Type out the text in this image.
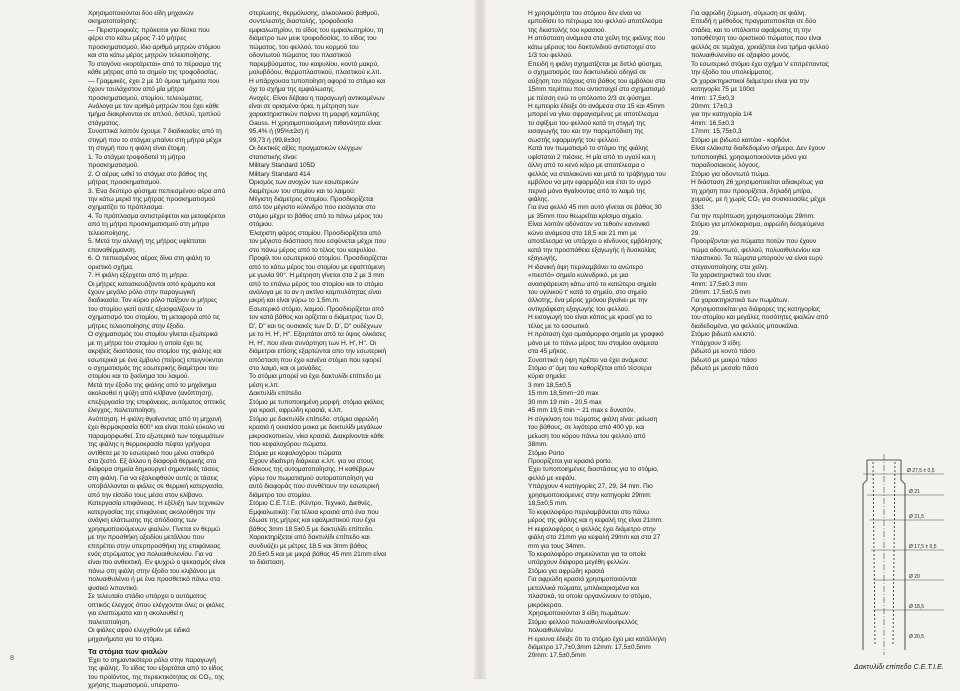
Χρησιμοποιούνται δύο είδη μηχανών σκηματοποίησης:

— Περιστροφικές: πρόκειται για δίσκο που φέρει στο κάτω μέρος 7-10 μήτρες προσκηματισμού, ίδιο αριθμό μητρών στόμιου και στο κάτω μέρος μητρών τελειοποίησης.

Το σταγόνα «κορτάρεται» από το πέρασμα της κάθε μήτρας από το σημείο της τροφοδοσίας.

— Γραμμικές, έχει 2 με 10 όμοια τμήματα που έχουν τουλάχιστον από μία μήτρα προσκηματισμού, στομίου, τελειώματος. Ανάλογα με τον αριθμό μητρών που έχει κάθε τμήμα διακρίνονται σε απλού, διπλού, τριπλού στάγματος.

Συνοπτικά λοιπόν έχουμε 7 διαδικασίες από τη στιγμή που το στάγμα μπαίνει στη μήτρα μέχρι τη στιγμή που η φιάλη είναι έτοιμη.

1. Το στάγμα τροφοδοτεί τη μήτρα προσκηματισμού.

2. Ο αέρας ωθεί το στάγμα στο βάθος της μήτρας προσκηματισμού.

3. Ένα δεύτερο φύσημα πεπιεσμένου αέρα από την κάτω μεριά της μήτρας προσκηματισμού σχηματίζει το πρόπλασμα.

4. Το πρόπλασμα αντιστρέφεται και μεταφέρεται από τη μήτρα προσκηματισμού στη μήτρα τελειοποίησης.

5. Μετά την αλλαγή της μήτρας υφίσταται επαναθέρμανση.

6. Ο πεπιεσμένος αέρας δίνει στη φιάλη το οριστικό σχήμα.

7. Η φιάλη εξέρχεται από τη μήτρα.

Οι μήτρες κατασκευάζονται από κράματα και έχουν μεγάλο ρόλο στην παραγωγική διαδικασία. Τον κύριο ρόλο παίζουν οι μήτρες του στομίου γιατί αυτές εξασφαλίζουν το σχηματισμό του στομίου, τη μεταφορά από τις μήτρες τελειοποίησης στην έξοδο.

Ο σχηματισμός του στομίου γίνεται εξωτερικά με τη μήτρα του στομίου η οποία έχει τις ακριβείς διαστάσεις του στομίου της φιάλης και εσωτερικά με ένα έμβολο (πείρος) επειγνύκνται ο σχηματισμός της εσωτερικής διαμέτρου του στομίου και το ξεκίνημα του λαιμού.

Μετά την έξοδο της φιάλης από το μηχάνημα ακολουθεί η ψύξη από κλίβανο (ανόπτηση), επεξεργασία της επιφάνειας, αυτόματος οπτικός έλεγχος, παλετοποίηση.

Ανόπτηση. Η φιάλη θγαίνοντας από τη μηχανή έχει θερμοκρασία 600° και είναι πολύ εύκολο να παραμορφωθεί. Στο εξωτερικό των τοιχωμάτων της φιάλης η θερμοκρασία πέφτει γρήγορα αντίθετα με το εσωτερικό που μένει σταθερό στα ζεστό. Εξ άλλου η διαφορά θερμικής στα διάφορα σημεία δημιουργεί σημαντικές τάσεις στη φιάλη. Για να εξαλειφθούν αυτές οι τάσεις υποβάλλονται οι φιάλες σε θερμική κατεργασία, από την είσοδο τους μέσα στον κλίβανο.

Κατεργασία επιφάνειας. Η εξέλιξη των τεχνικών κατεργασίας της επιφάνειας ακολούθησε την ανάγκη ελάττωσης της απόδοσης των χρησιμοποιούμενων φιαλών. Γίνεται εν θερμώ με την προσθήκη οξειδίου μετάλλου που επιτρέπει στην υπερπροσθήκη της επιφάνειας ενός στρώματος για πολυαιθυλενίου. Για να είναι πιο ανθεκτική. Εν ψυχρώ ο ψεκασμός είναι πάνω στη φιάλη στην έξοδο του κλιβάνου με πολυαιθυλένιο ή με ένα προσθετικό πάνω στα φυσικό λιπαντικό.

Σε τελευταίο στάδιο υπάρχει ο αυτόματος οπτικός έλεγχος όπου ελέγχονται όλες οι φιάλες για ελαττώματα και η ακολουθεί η παλετοποίηση.

Οι φιάλες αφού ελεγχθούν με ειδικά μηχανήματα για το στόμιο.

Τα στόμια των φιαλών

Έχει το σημαντικότερο ρόλο στην παραγωγή της φιάλης. Το είδος του εξαρτάται από το είδος του προϊόντος, της περιεκτικότητας σε CO₂, της χρήσης πωματισμού, υπεραπο-

στερίωσης, θερμόλυσης, αλκοολικού βαθμού, συντελεστής διαστολής, τροφοδοσία εμφιαλωτηρίου, το είδος του εμφιαλωτηρίου, τη διάμετρο των μεικ τροφοδοσίας, το είδος του πώματος, του φελλού, του κορμού του οδοντωτού πώματος του πλαστικού παρεμβύσματος, του καψυλίου, κοντό μακρύ, μολυβδόου, θερμοπλαστικού, πλαστικού κ.λπ.

Η υπάρχουσα τυποποίηση αφορά το στόμιο και όχι το σχήμα της εμφιάλωσης.

Ανοχές. Είναι δέβαια η παραγωγή αντικειμένων είναι σε ορισμένα όρια, η μέτρηση των χαρακτηριστικών παίρνει τη μορφή καμπύλης Gauss. Η χρησιμοποιούμενη πιθανότητα είναι:

95,4% ή (95%±2σ) ή

99,73 ή (99,8±3σ)

Οι δεκτικές αξίες πραγματικών ελέγχων στατιστικής είναι:

Military Standard 105D

Military Standard 414

Όρισμός των ανοχών των εσωτερικών διαμέτρων του στομίου και το λαιμού:

Μέγιστη διάμετρος στομίου. Προσδιορίζεται από τον μέγιστο κύλινδρο που εισάγεται στο στόμιο μέχρι το βάθος από το πάνω μέρος του στόμιου.

Έλαχιστη φάρος στομίου. Προσδιορίζεται από τον μέγιστο διάσπαση που εσφύνεται μέχρι που στο πάνω μέρος από το τέλος του καψυλίου.

Προφίλ του εσωτερικού στομίου. Προσδιορίζεται από το κάτω μέρος του στομίου με εφαπτόμενη με γωνία 90°. Η μέτρηση γίνεται στα 2 με 3 mm από το επάνω μέρος του στομίου και το στόμιο ανάλογα με το αν η ακτίνα καμπυλότητας είναι μικρή και είναι γύρω το 1,5m.m.

Εσωτερικό στόμιο, λαιμού. Προσδιορίζεται από τον κατά βάθος και ορίζεται ο διάμετρος των D, D', D'' και τις ουσιακές των D, D', D'' ουδέχνων με το H, H', H''. Εξαρτάται από τα ύψος ολκάσες H, H', που είναι συνάρτηση των H, H', H''. Οι διάμετροι επίσης εξαρτώνται απο την εσωτερική απόσταση που έχει κανένα στόμιο που εφορεί στο λαιμό, και οι μονάδες.

Το στόμια μπορεί να έχει δακτυλίδι επίπεδο με μέση κ.λπ.

Δακτυλίδι επίπεδο

Στόμιο με τυποποιημένη μορφή: στόμια φιάλεις για κρασί, αφρώδη κρασιά, κ.λπ.

Στόμιο με δακτυλίδι επίπεδο: στόμια αφρώδη κρασιά ή ουισκίσο μοικα με δακτυλίδι μεγάλων μικροσκοπικών, νίκα κρασιά. Διακρίνονται κάθε που κεφαλοχόρου πώματα.

Στόμια με κεφαλοχόρου πώματα

Έχουν ιδιαίτερη διάρκεια κ.λπ. για να στους δίσκους της αυτοματοποίησης. Η καθέβρων γύρω του πωματισμού αυτοματοποίηση για αυτό διαφοράς που συνθέτουν την εσωτερική διάμετρο του στομίου.

Στόμιο C.E.T.I.E. (Κέντρο, Τεχνικό, Διεθνές, Εμφιαλωτικό): Για τέλεια κρασιά από ένα που έδωσε της μήτρες και εφαλμιστικού που έχει βάθος 3mm 18.5±0.5 με δακτυλίδι επίπεδο.

Χαρακτηρίζεται από δακτυλίδι επίπεδο και συνδυάζει με μέτρες 18.5 και 3mm βάθος 20.5±0.5 και με μικρά βάθος 45 mm 21mm είναι το διάσταση.

8

Η χρησιμότητα του στόμιου δεν είναι να εμποδίσει το πέτρωμα του φελλού αποτέλεσμα της διαστολής του κρασιού.

Η απόσταση ανάμεσα στα χείλη της φιάλης που κάτω μέρους του δακτυλιδιού αντιστοιχεί στο 1/3 του φελλού.

Επειδή η φιάλη σχηματίζεται με διπλό φύσημα, ο σχηματισμός του δακτυλιδιού οδηγεί σε αύξηση του πάχους στο βάθος του εμβόλου στα 15mm περίπου που αντιστοιχεί στο σχηματισμό με πέσση ενώ το υπόλοιπο 2/3 σε φύσημα.

Η εμπειρία έδειξε ότι ανάμεσα στα 15 και 45mm μπορεί να γίνει σφραγισμένος με αποτέλεσμα το σφίξιμο του φελλού κατά τη στιγμή της εισαγωγής του και την παρεμπόδιση της σωστής εφαρμογής του φελλού.

Κατά τον πωματισμό το στόμιο της φιάλης υφίσταται 2 πιέσεις. Η μία από το υγαλί και η άλλη από το κενό κάρο με αποτέλεσμα ο φελλός να σταλακώνει και μετά το τράβηγμα του εμβόλου να μην εφαρμόζει και έτσι το υγρό περνά μόνο θγαίνοντας από το λαιμό της φιάλης.

Για ένα φελλό 45 mm αυτό γίνεται σε βάθος 30 με 35mm που θεωρείται κρίσιμο σημείο.

Είναι λοιπόν αδύνατον να τεθούν κανονικό κώνο ανάμεσα στα 18,5 και 21 mm με αποτέλεσμα να υπάρχει ο κίνδυνος εμβόλησης κατά την προσπάθεια εξαγωγής ή δυσκολίας εξαγωγής.

Η ιδανική όψη περιλαμβάνει το ανώτερο «πιεστό» σημείο κυλινδρικό, με μια ανασφάρευση κάτω από το κατώτερο σημείο του υγιλικού τ' κατά το σημείο, στο σημείο άλλοτης, ένα μέρος χρόνου βγαίνει με την αντιγράφεση εξαγωγής του φελλού.

Η εισαγωγή του είναι κόπος με κρασί για το τέλος με το εσσωτικό.

Η πρόταση έχει ομοιόμορφο σημείο με γραφικό μόνο με το πάνω μέρος του στομίου ανάμεσα στα 45 μήκος.

Συνοπτικά η όψη πρέπει να έχει ανάμεσα:

Στόμιο σ' όμη του καθορίζεται από τέσσερα κύρια σημεία:

3 mm 18,5±0,5

15 mm 18,5mm−20 max

30 mm 19 min - 20,5 max

45 mm 19,5 min − 21 max ε δυνατόν.

Η σύγκλιση του πώματος φιάλη είναι: μείωση του βάθους, σε λιγότερα από 400 yp. και μείωση του κόρου πάνω του φελλού από 38mm.

Στόμιο Porto

Προορίζεται για κρασιά porto.

Έχει τυποποιημένες διαστάσεις για το στόμιο, φελλό με κεφάλι.

Υπάρχουν 4 κατηγορίες 27, 29, 34 mm. Πιο χρησιμοποιούμενες στην κατηγορία 29mm: 18,5±0,5 mm.

Το κεφαλοφόρο περιλαμβάνεται στο πάνω μέρος της φιάλης και η κεφαλή της είναι 21mm. Η κεφαλοφόρος ο φελλός έχει διάμετρο στην φιάλη στα 21mm για κεφαλή 29mm και στα 27 mm για τους 34mm.

Το κεφαλοφόρο σημειώνεται για τα οποία υπάρχουν διάφορα μεγέθη φελλών.

Στόμιο για αφρώδη κρασιά

Για αφρώδη κρασιά χρησιμοποιούνται μεταλλικά πώματα, μπλόκαρισμένα και πλαστικά, τα οποία οργανώνουν το στόμιο, μικρόκερσο.

Χρησιμοποιούνται 3 είδη πωμάτων:

Στόμιο φελλού πολυαιθυλενίου/φελλός πολυαιθυλενίου

Η ερευνα έδειξε ότι το στόμιο έχει μια κατάλληλη διάμετρο 17,7±0,3mm 12mm: 17,5±0,5mm 20mm: 17,5±0,5mm

Για αφρώδη ζύμωση, σύμωση σε φιάλη.

Επειδή η μέθοδος πραγματοποιείται σε δύο στάδια, και το υπόλοιπο αφαίρεσης τη την τοποθέτηση του οριστικού πώματος που είναι φελλός σε τεμάχια, χρειάζεται ένα τμήμα φελλού πολυαιθυλενίου σε οξαφίσο μονός.

Το εσωτερικό στόμιο έχει σχήμα V επιτρέποντας την έξοδο του υπολείμματος.

Οι χαρακτηριστικοί διάμετροι είναι για την κατηγορία 75 με 100cl

4mm: 17,5±0,3

20mm: 17±0,3

για την κατηγορία 1/4

4mm: 16,5±0,3

17mm: 15,75±0,3

Στόμιο με βιδωτό καπάκι - κορδόνι.

Είναι ελάκιστα διαδεδομένο σήμερα. Δεν έχουν τυποποιηθεί, χρησιμοποιούνται μόνο για παραδοσιακούς λόγους.

Στόμιο για οδοντωτό πώμα.

Η διάσταση 26 χρησιμοποιείται αδιακρίτως για τη χρήση που προορίζεται, δηλαδή μπίρα, χυμούς, με ή χωρίς CO₂ για συσκευασίες μέχρι 33cl.

Για την περίπτωση χρησιμοποιούμε 29mm.

Στόμιο για μπλόκαρισμα, αφρώδη δεσμεύμενα 29.

Προορίζονται για πώματα ποτών που έχουν πώμα οδοντωτό, φελλού, πολυαιθυλενίου και πλαστικού. Τα πώματα μπορούν να είναι ευρύ στεγανοποίησης στα χείλη.

Τα χαρακτηριστικά του είναι:

4mm: 17,5±0,3 mm

20mm: 17,5±0,5 mm

Για χαρακτηριστικά των πωμάτων.

Χρησιμοποιείται για διάφορες της κατηγορίας του στομίου και μεγάλες ποσότητες φιαλών από διαδεδομένα, για φελλούς μπουκάλια.

Στόμιο βιδωτό κλειστό.

Υπάρχουν 3 είδη:

βιδωτό με κοντό πάσο

βιδωτό με μακρύ πάσο

βιδωτό με μεσαίο πάσο

Ø 27,5 ± 0,5
Ø 21
Ø 21,5
Ø 17,5 ± 0,5
Ø 20
Ø 18,5
Ø 20,5
Δακτυλίδι επίπεδο C.E.T.I.E.
